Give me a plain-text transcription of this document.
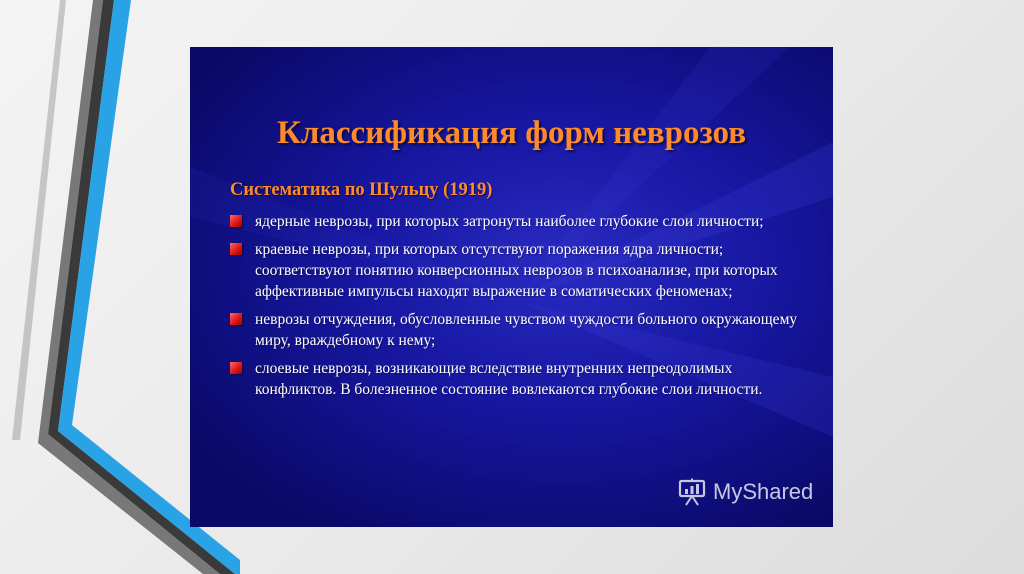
Классификация форм неврозов
Систематика по Шульцу (1919)
ядерные неврозы, при которых затронуты наиболее глубокие слои личности;
краевые неврозы, при которых отсутствуют поражения ядра личности; соответствуют понятию конверсионных неврозов в психоанализе, при которых аффективные импульсы находят выражение в соматических феноменах;
неврозы отчуждения, обусловленные чувством чуждости больного окружающему миру, враждебному к нему;
слоевые неврозы, возникающие вследствие внутренних непреодолимых конфликтов. В болезненное состояние вовлекаются глубокие слои личности.
MyShared
